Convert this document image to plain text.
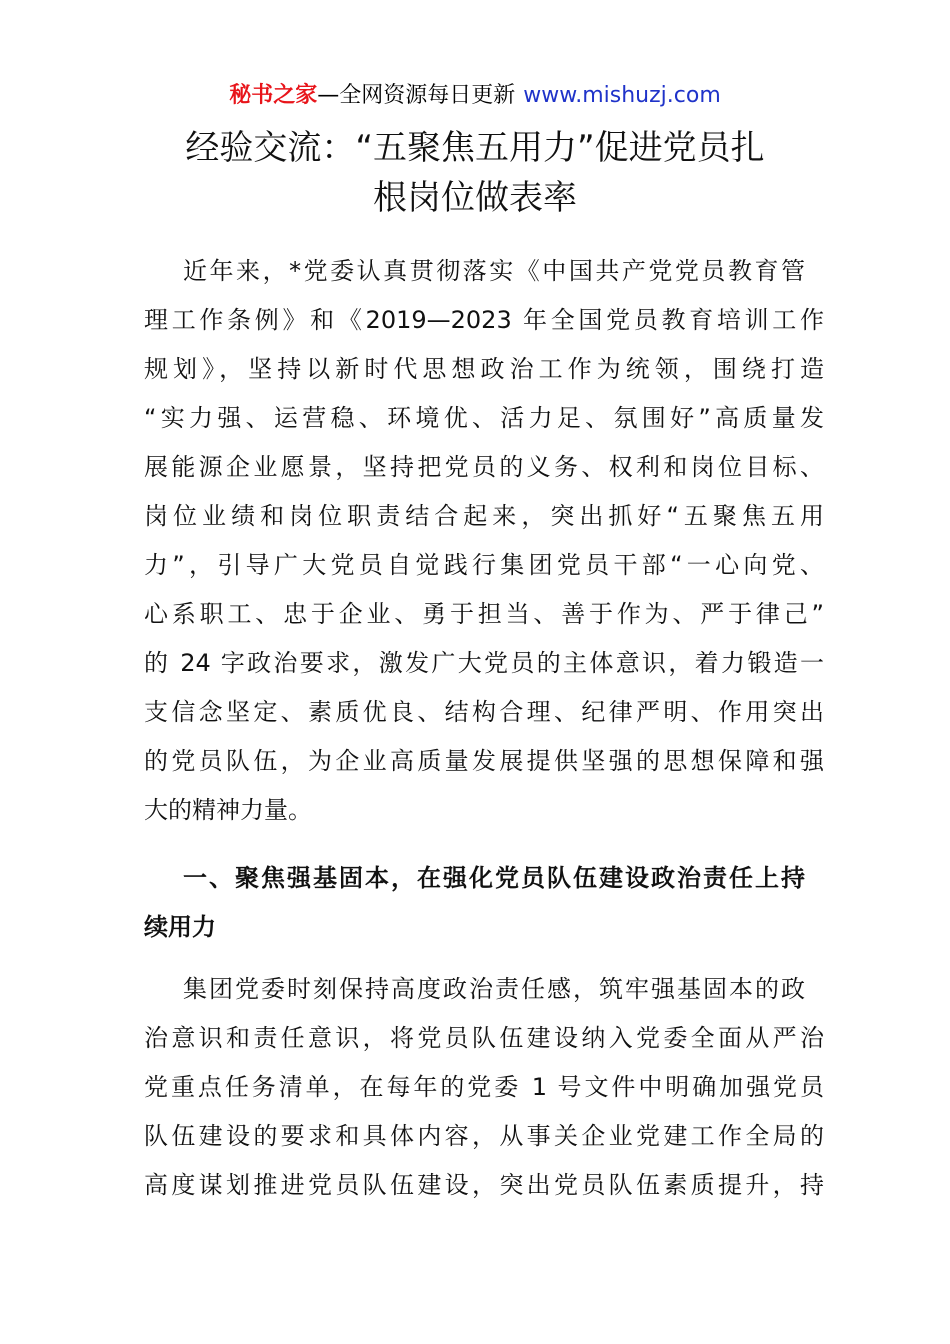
秘书之家—全网资源每日更新 www.mishuzj.com
经验交流：“五聚焦五用力”促进党员扎
根岗位做表率
近年来，*党委认真贯彻落实《中国共产党党员教育管
理工作条例》和《2019—2023 年全国党员教育培训工作
规划》，坚持以新时代思想政治工作为统领，围绕打造
“实力强、运营稳、环境优、活力足、氛围好”高质量发
展能源企业愿景，坚持把党员的义务、权利和岗位目标、
岗位业绩和岗位职责结合起来，突出抓好“五聚焦五用
力”，引导广大党员自觉践行集团党员干部“一心向党、
心系职工、忠于企业、勇于担当、善于作为、严于律己”
的 24 字政治要求，激发广大党员的主体意识，着力锻造一
支信念坚定、素质优良、结构合理、纪律严明、作用突出
的党员队伍，为企业高质量发展提供坚强的思想保障和强
大的精神力量。
一、聚焦强基固本，在强化党员队伍建设政治责任上持
续用力
集团党委时刻保持高度政治责任感，筑牢强基固本的政
治意识和责任意识，将党员队伍建设纳入党委全面从严治
党重点任务清单，在每年的党委 1 号文件中明确加强党员
队伍建设的要求和具体内容，从事关企业党建工作全局的
高度谋划推进党员队伍建设，突出党员队伍素质提升，持
